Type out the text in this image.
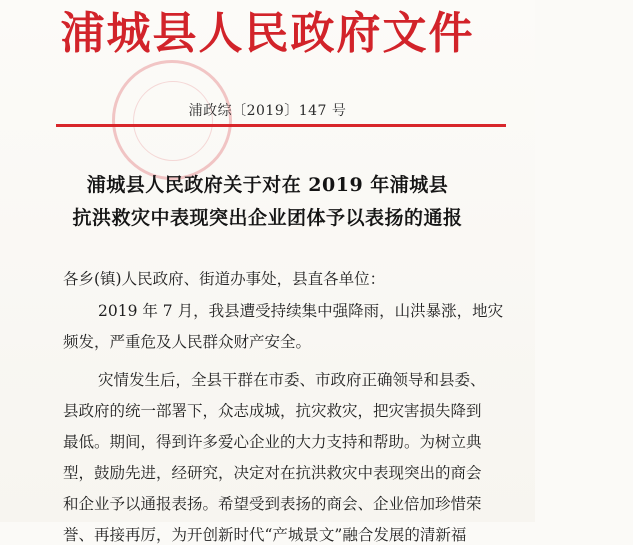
浦城县人民政府文件
浦政综〔2019〕147 号
浦城县人民政府关于对在 2019 年浦城县
抗洪救灾中表现突出企业团体予以表扬的通报
各乡(镇)人民政府、街道办事处，县直各单位：
2019 年 7 月，我县遭受持续集中强降雨，山洪暴涨，地灾
频发，严重危及人民群众财产安全。
灾情发生后，全县干群在市委、市政府正确领导和县委、
县政府的统一部署下，众志成城，抗灾救灾，把灾害损失降到
最低。期间，得到许多爱心企业的大力支持和帮助。为树立典
型，鼓励先进，经研究，决定对在抗洪救灾中表现突出的商会
和企业予以通报表扬。希望受到表扬的商会、企业倍加珍惜荣
誉、再接再厉，为开创新时代“产城景文”融合发展的清新福
